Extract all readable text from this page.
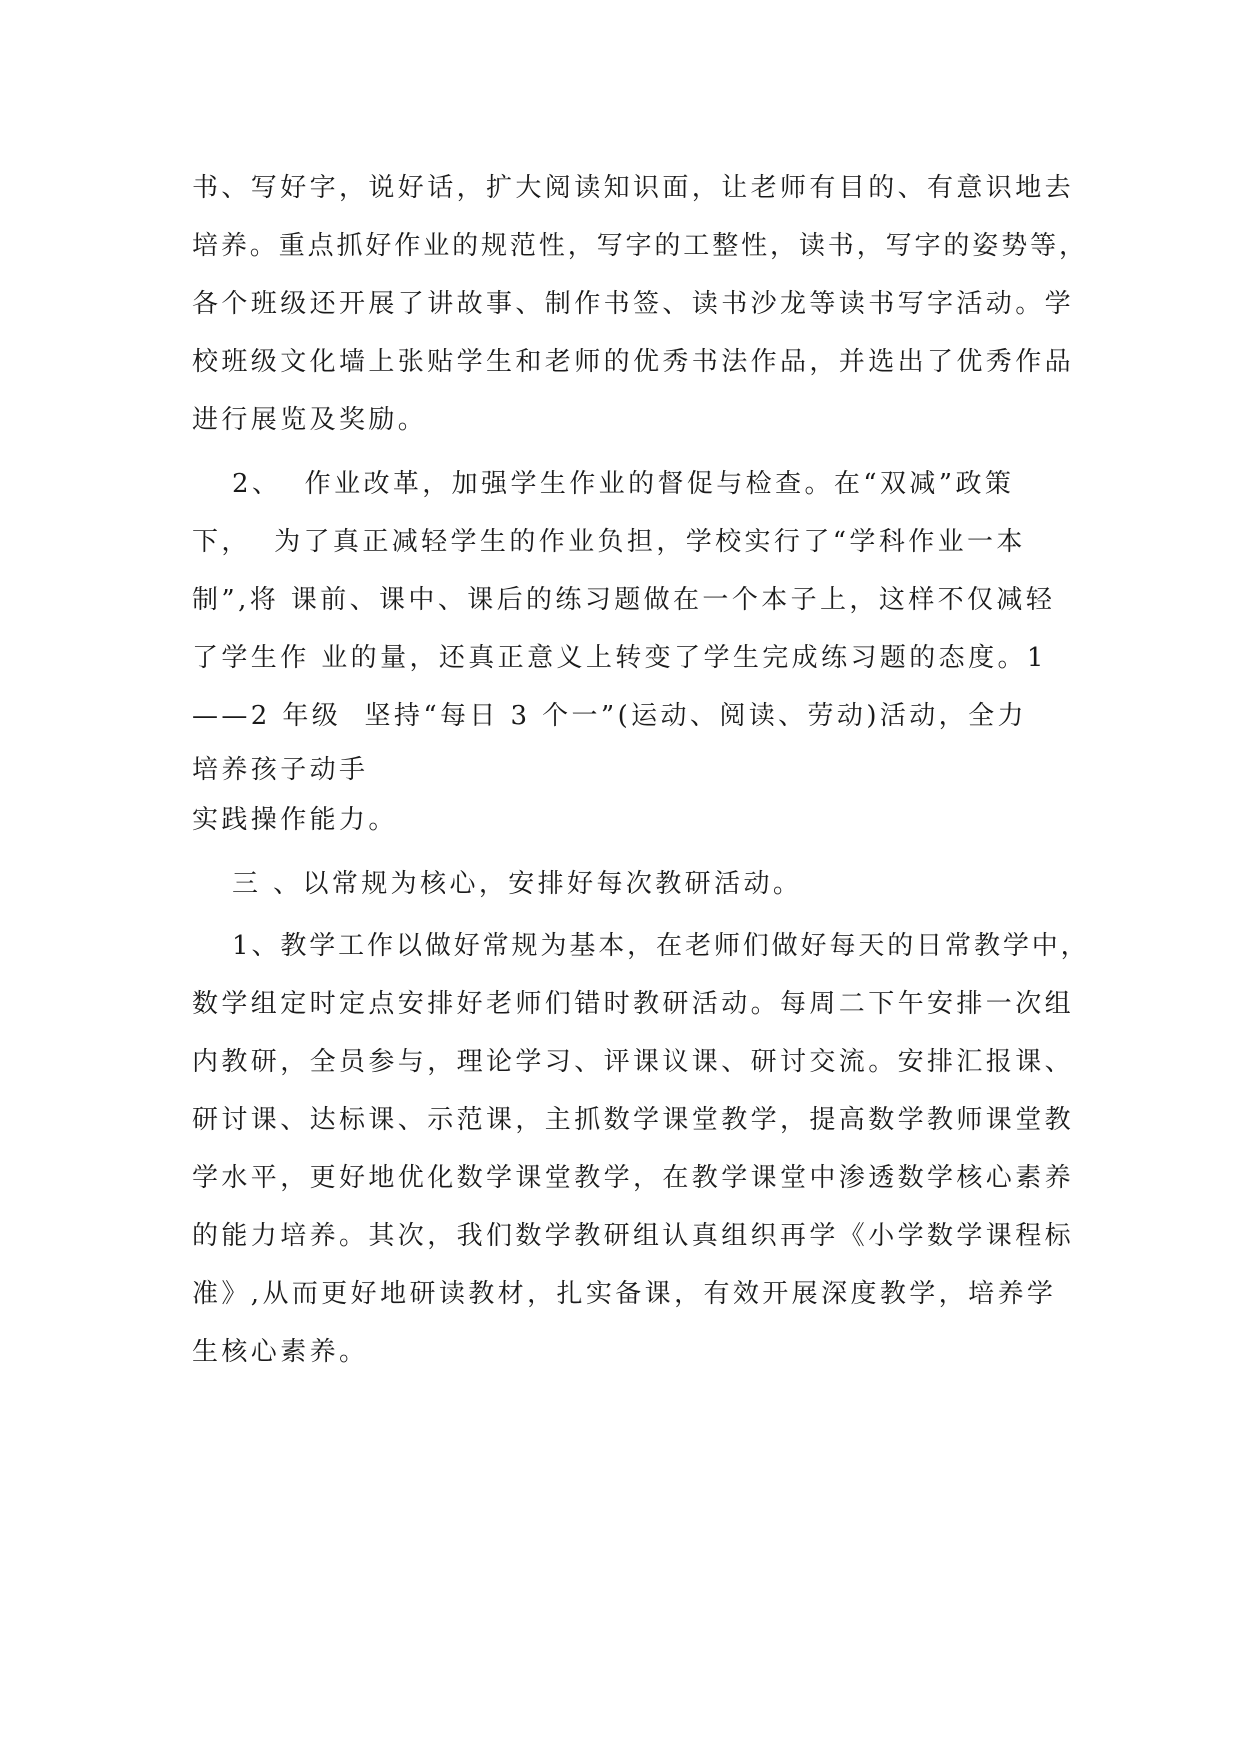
书、写好字，说好话，扩大阅读知识面，让老师有目的、有意识地去
培养。重点抓好作业的规范性，写字的工整性，读书，写字的姿势等，
各个班级还开展了讲故事、制作书签、读书沙龙等读书写字活动。学
校班级文化墙上张贴学生和老师的优秀书法作品，并选出了优秀作品
进行展览及奖励。
2、  作业改革，加强学生作业的督促与检查。在“双减”政策
下，  为了真正减轻学生的作业负担，学校实行了“学科作业一本
制”,将 课前、课中、课后的练习题做在一个本子上，这样不仅减轻
了学生作 业的量，还真正意义上转变了学生完成练习题的态度。1
——2 年级  坚持“每日 3 个一”(运动、阅读、劳动)活动，全力
培养孩子动手
实践操作能力。
三 、以常规为核心，安排好每次教研活动。
1、教学工作以做好常规为基本，在老师们做好每天的日常教学中，
数学组定时定点安排好老师们错时教研活动。每周二下午安排一次组
内教研，全员参与，理论学习、评课议课、研讨交流。安排汇报课、
研讨课、达标课、示范课，主抓数学课堂教学，提高数学教师课堂教
学水平，更好地优化数学课堂教学，在教学课堂中渗透数学核心素养
的能力培养。其次，我们数学教研组认真组织再学《小学数学课程标
准》,从而更好地研读教材，扎实备课，有效开展深度教学，培养学
生核心素养。
